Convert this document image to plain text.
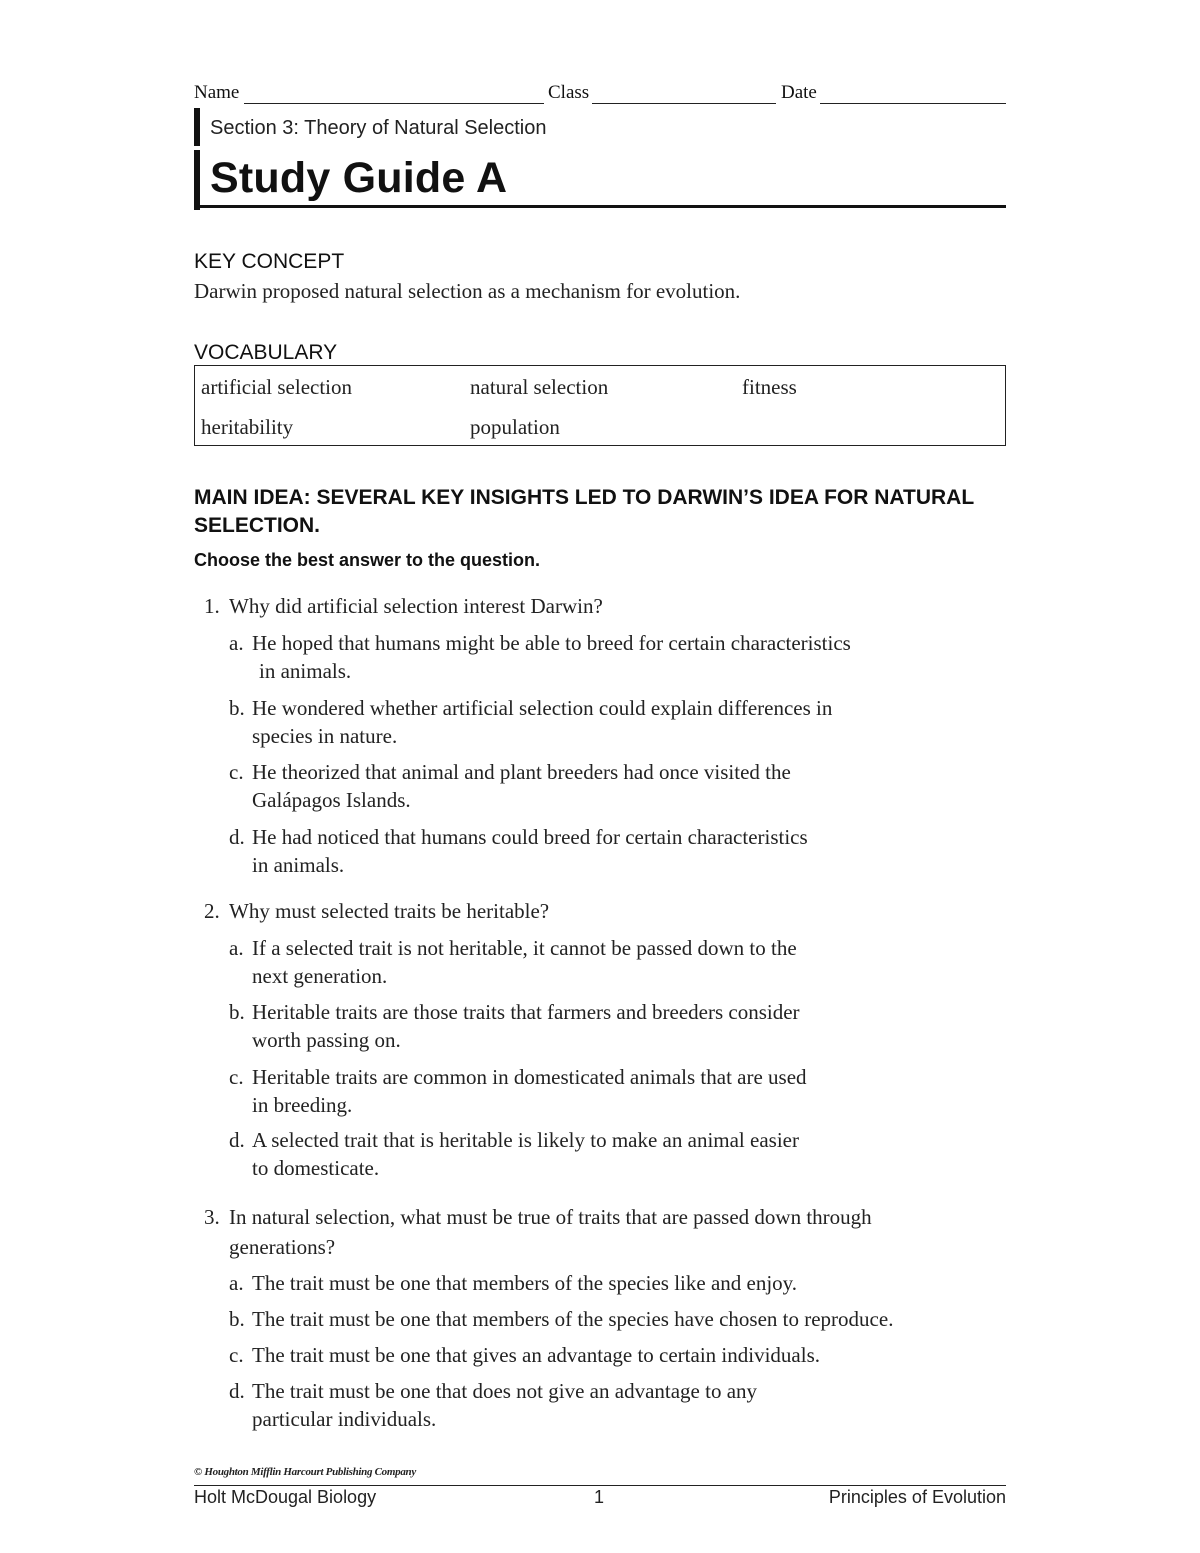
Name	Class	Date
Section 3: Theory of Natural Selection
Study Guide A
KEY CONCEPT
Darwin proposed natural selection as a mechanism for evolution.
VOCABULARY
artificial selection	natural selection	fitness
heritability	population
MAIN IDEA: SEVERAL KEY INSIGHTS LED TO DARWIN’S IDEA FOR NATURAL SELECTION.
Choose the best answer to the question.
1. Why did artificial selection interest Darwin?
a. He hoped that humans might be able to breed for certain characteristics
in animals.
b. He wondered whether artificial selection could explain differences in
species in nature.
c. He theorized that animal and plant breeders had once visited the
Galápagos Islands.
d. He had noticed that humans could breed for certain characteristics
in animals.
2. Why must selected traits be heritable?
a. If a selected trait is not heritable, it cannot be passed down to the
next generation.
b. Heritable traits are those traits that farmers and breeders consider
worth passing on.
c. Heritable traits are common in domesticated animals that are used
in breeding.
d. A selected trait that is heritable is likely to make an animal easier
to domesticate.
3. In natural selection, what must be true of traits that are passed down through
generations?
a. The trait must be one that members of the species like and enjoy.
b. The trait must be one that members of the species have chosen to reproduce.
c. The trait must be one that gives an advantage to certain individuals.
d. The trait must be one that does not give an advantage to any
particular individuals.
© Houghton Mifflin Harcourt Publishing Company
Holt McDougal Biology	1	Principles of Evolution
